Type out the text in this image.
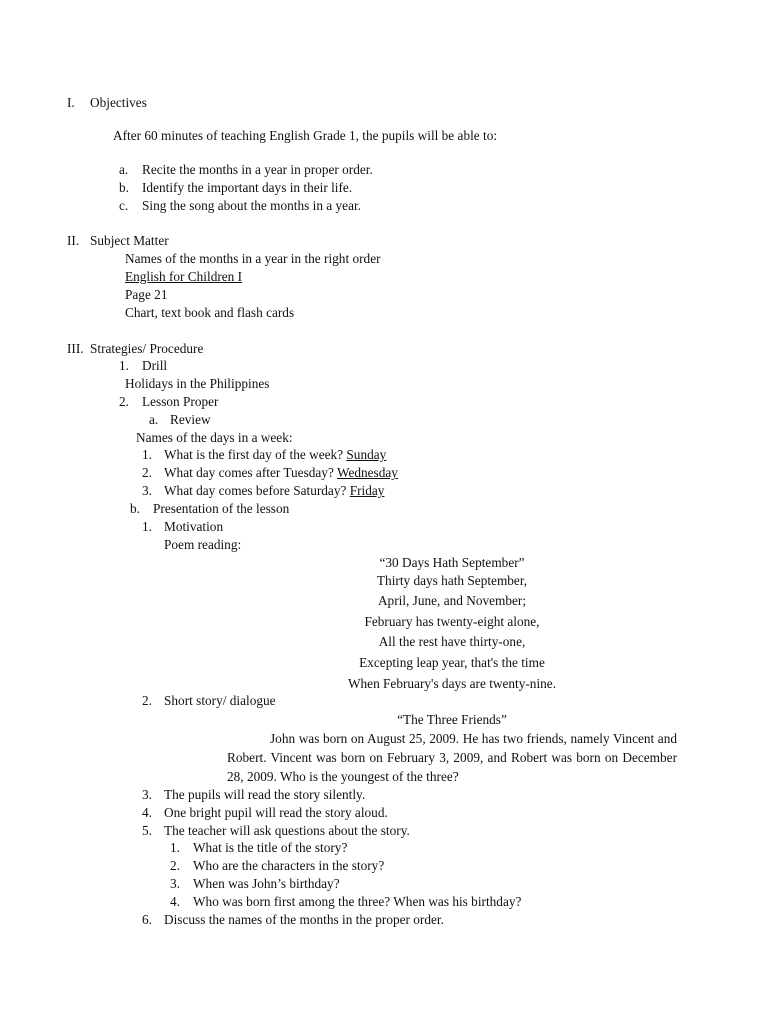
I. Objectives
After 60 minutes of teaching English Grade 1, the pupils will be able to:
a. Recite the months in a year in proper order.
b. Identify the important days in their life.
c. Sing the song about the months in a year.
II. Subject Matter
Names of the months in a year in the right order
English for Children I
Page 21
Chart, text book and flash cards
III. Strategies/ Procedure
1. Drill
Holidays in the Philippines
2. Lesson Proper
a. Review
Names of the days in a week:
1. What is the first day of the week? Sunday
2. What day comes after Tuesday? Wednesday
3. What day comes before Saturday? Friday
b. Presentation of the lesson
1. Motivation
Poem reading:
“30 Days Hath September”
Thirty days hath September,
April, June, and November;
February has twenty-eight alone,
All the rest have thirty-one,
Excepting leap year, that's the time
When February's days are twenty-nine.
2. Short story/ dialogue
“The Three Friends”
John was born on August 25, 2009. He has two friends, namely Vincent and Robert. Vincent was born on February 3, 2009, and Robert was born on December 28, 2009. Who is the youngest of the three?
3. The pupils will read the story silently.
4. One bright pupil will read the story aloud.
5. The teacher will ask questions about the story.
1. What is the title of the story?
2. Who are the characters in the story?
3. When was John’s birthday?
4. Who was born first among the three? When was his birthday?
6. Discuss the names of the months in the proper order.
